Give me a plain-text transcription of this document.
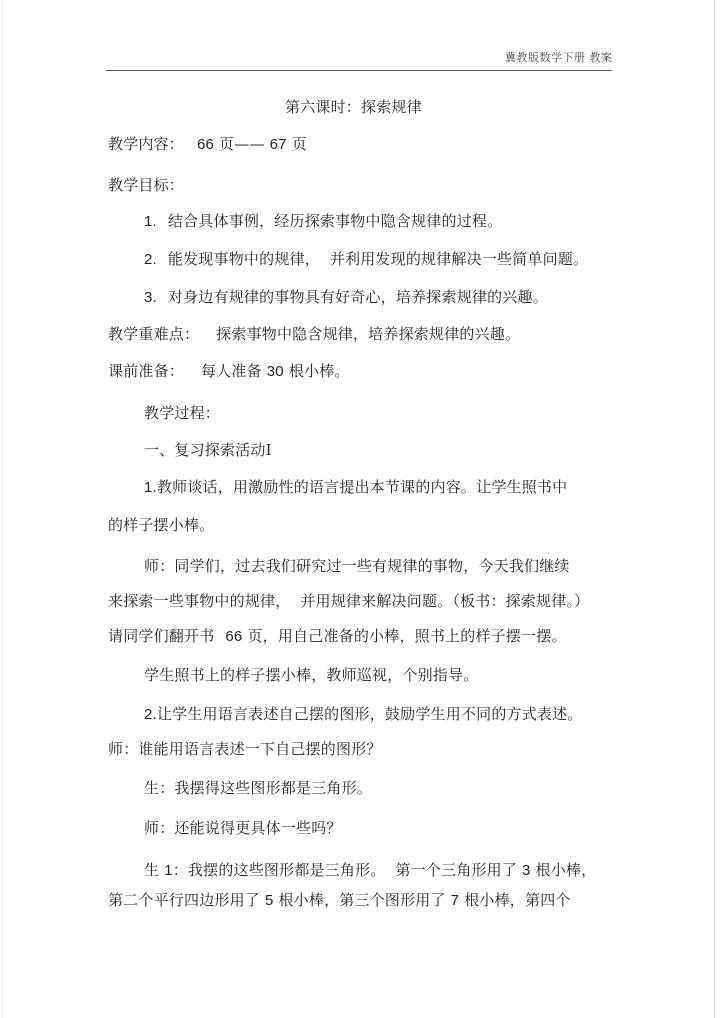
冀教版数学下册 教案
第六课时：探索规律
教学内容： 66 页—— 67 页
教学目标：
1. 结合具体事例，经历探索事物中隐含规律的过程。
2. 能发现事物中的规律，  并利用发现的规律解决一些简单问题。
3. 对身边有规律的事物具有好奇心，培养探索规律的兴趣。
教学重难点： 探索事物中隐含规律，培养探索规律的兴趣。
课前准备： 每人准备 30 根小棒。
教学过程：
一、复习探索活动Ⅰ
1.教师谈话，用激励性的语言提出本节课的内容。让学生照书中
的样子摆小棒。
师：同学们，过去我们研究过一些有规律的事物，今天我们继续
来探索一些事物中的规律，  并用规律来解决问题。（板书：探索规律。）
请同学们翻开书 66 页，用自己准备的小棒，照书上的样子摆一摆。
学生照书上的样子摆小棒，教师巡视，个别指导。
2.让学生用语言表述自己摆的图形，鼓励学生用不同的方式表述。
师：谁能用语言表述一下自己摆的图形？
生：我摆得这些图形都是三角形。
师：还能说得更具体一些吗？
生 1：我摆的这些图形都是三角形。  第一个三角形用了 3 根小棒，
第二个平行四边形用了 5 根小棒，第三个图形用了 7 根小棒，第四个
